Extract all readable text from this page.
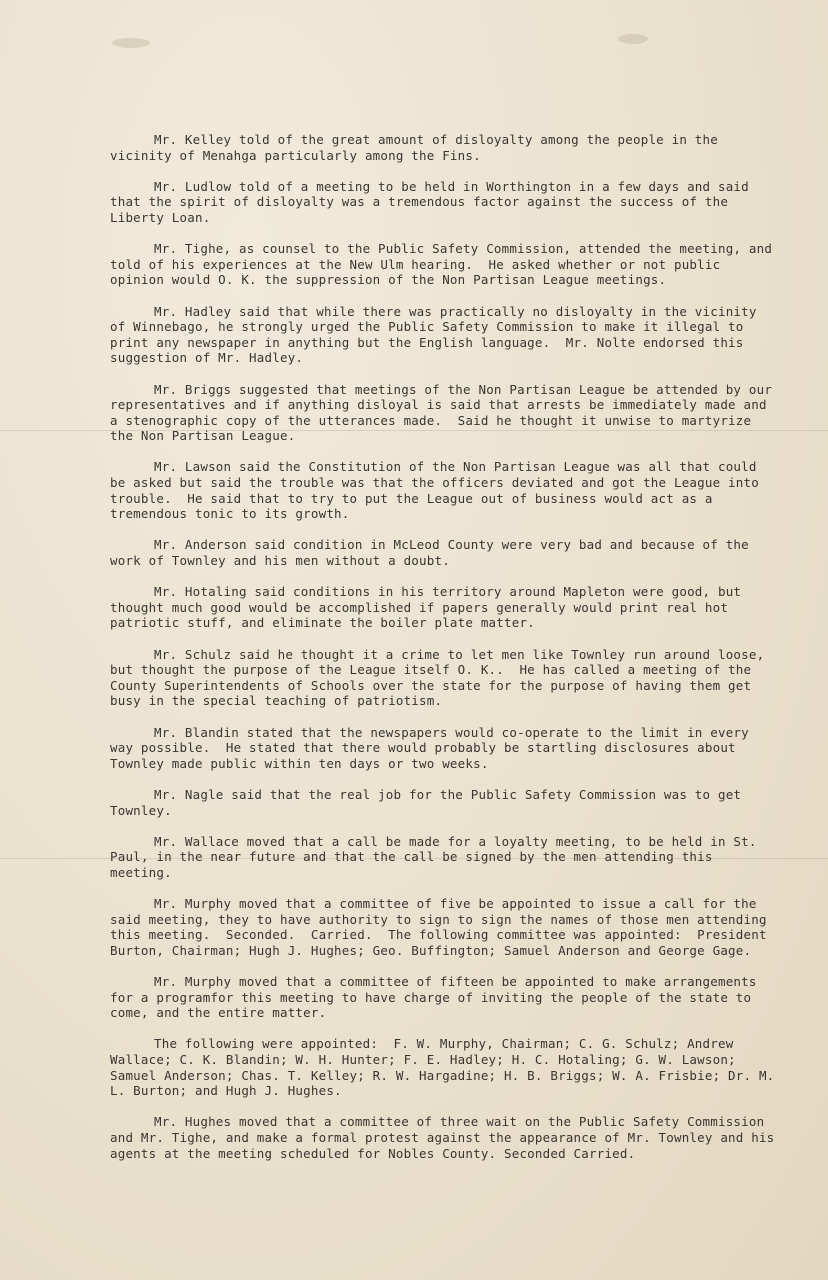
Mr. Kelley told of the great amount of disloyalty among the people in the vicinity of Menahga particularly among the Fins.

Mr. Ludlow told of a meeting to be held in Worthington in a few days and said that the spirit of disloyalty was a tremendous factor against the success of the Liberty Loan.

Mr. Tighe, as counsel to the Public Safety Commission, attended the meeting, and told of his experiences at the New Ulm hearing.  He asked whether or not public opinion would O. K. the suppression of the Non Partisan League meetings.

Mr. Hadley said that while there was practically no disloyalty in the vicinity of Winnebago, he strongly urged the Public Safety Commission to make it illegal to print any newspaper in anything but the English language.  Mr. Nolte endorsed this suggestion of Mr. Hadley.

Mr. Briggs suggested that meetings of the Non Partisan League be attended by our representatives and if anything disloyal is said that arrests be immediately made and a stenographic copy of the utterances made.  Said he thought it unwise to martyrize the Non Partisan League.

Mr. Lawson said the Constitution of the Non Partisan League was all that could be asked but said the trouble was that the officers deviated and got the League into trouble.  He said that to try to put the League out of business would act as a tremendous tonic to its growth.

Mr. Anderson said condition in McLeod County were very bad and because of the work of Townley and his men without a doubt.

Mr. Hotaling said conditions in his territory around Mapleton were good, but thought much good would be accomplished if papers generally would print real hot patriotic stuff, and eliminate the boiler plate matter.

Mr. Schulz said he thought it a crime to let men like Townley run around loose, but thought the purpose of the League itself O. K..  He has called a meeting of the County Superintendents of Schools over the state for the purpose of having them get busy in the special teaching of patriotism.

Mr. Blandin stated that the newspapers would co-operate to the limit in every way possible.  He stated that there would probably be startling disclosures about Townley made public within ten days or two weeks.

Mr. Nagle said that the real job for the Public Safety Commission was to get Townley.

Mr. Wallace moved that a call be made for a loyalty meeting, to be held in St. Paul, in the near future and that the call be signed by the men attending this meeting.

Mr. Murphy moved that a committee of five be appointed to issue a call for the said meeting, they to have authority to sign to sign the names of those men attending this meeting.  Seconded.  Carried.  The following committee was appointed:  President Burton, Chairman; Hugh J. Hughes; Geo. Buffington; Samuel Anderson and George Gage.

Mr. Murphy moved that a committee of fifteen be appointed to make arrangements for a programfor this meeting to have charge of inviting the people of the state to come, and the entire matter.

The following were appointed:  F. W. Murphy, Chairman; C. G. Schulz; Andrew Wallace; C. K. Blandin; W. H. Hunter; F. E. Hadley; H. C. Hotaling; G. W. Lawson; Samuel Anderson; Chas. T. Kelley; R. W. Hargadine; H. B. Briggs; W. A. Frisbie; Dr. M. L. Burton; and Hugh J. Hughes.

Mr. Hughes moved that a committee of three wait on the Public Safety Commission and Mr. Tighe, and make a formal protest against the appearance of Mr. Townley and his agents at the meeting scheduled for Nobles County. Seconded Carried.
